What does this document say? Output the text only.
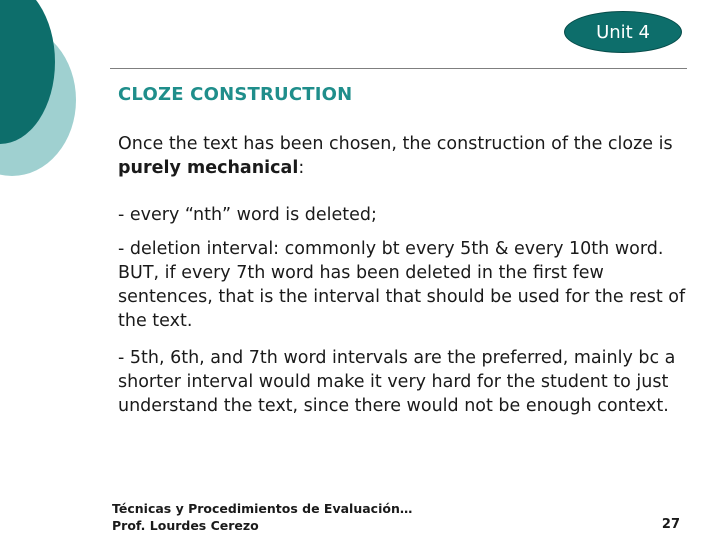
Unit 4
CLOZE CONSTRUCTION

Once the text has been chosen, the construction of the cloze is purely mechanical:

- every “nth” word is deleted;

- deletion interval: commonly bt every 5th & every 10th word. BUT, if every 7th word has been deleted in the first few sentences, that is the interval that should be used for the rest of the text.

- 5th, 6th, and 7th word intervals are the preferred, mainly bc a shorter interval would make it very hard for the student to just understand the text, since there would not be enough context.

Técnicas y Procedimientos de Evaluación…
Prof. Lourdes Cerezo	27
